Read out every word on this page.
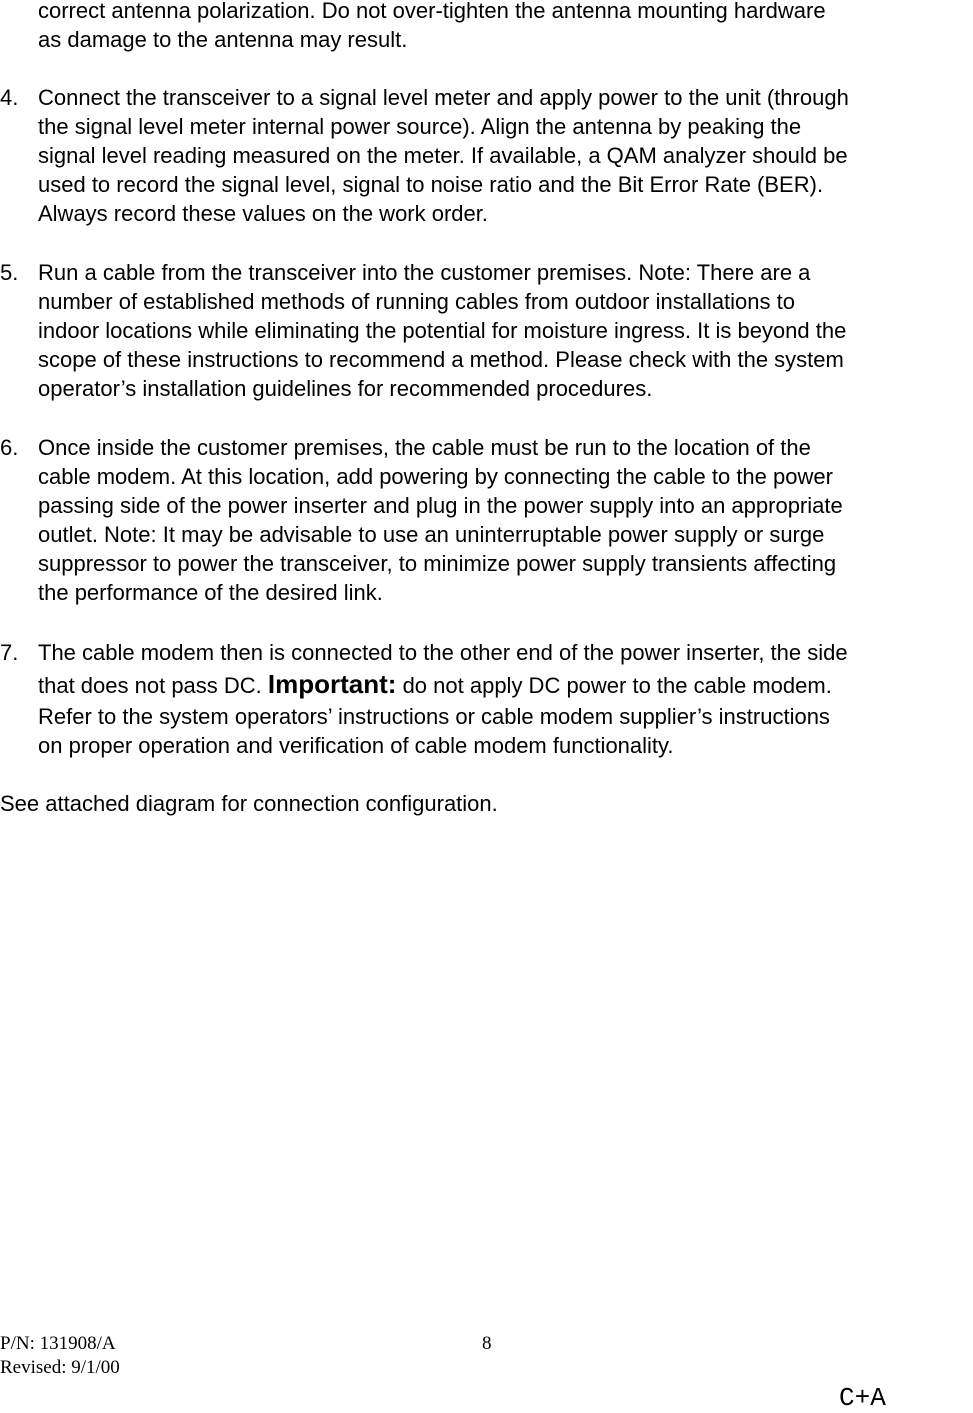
correct antenna polarization. Do not over-tighten the antenna mounting hardware
as damage to the antenna may result.
4. Connect the transceiver to a signal level meter and apply power to the unit (through
the signal level meter internal power source). Align the antenna by peaking the
signal level reading measured on the meter. If available, a QAM analyzer should be
used to record the signal level, signal to noise ratio and the Bit Error Rate (BER).
Always record these values on the work order.
5. Run a cable from the transceiver into the customer premises. Note: There are a
number of established methods of running cables from outdoor installations to
indoor locations while eliminating the potential for moisture ingress. It is beyond the
scope of these instructions to recommend a method. Please check with the system
operator’s installation guidelines for recommended procedures.
6. Once inside the customer premises, the cable must be run to the location of the
cable modem. At this location, add powering by connecting the cable to the power
passing side of the power inserter and plug in the power supply into an appropriate
outlet. Note: It may be advisable to use an uninterruptable power supply or surge
suppressor to power the transceiver, to minimize power supply transients affecting
the performance of the desired link.
7. The cable modem then is connected to the other end of the power inserter, the side
that does not pass DC. Important: do not apply DC power to the cable modem.
Refer to the system operators’ instructions or cable modem supplier’s instructions
on proper operation and verification of cable modem functionality.
See attached diagram for connection configuration.
P/N: 131908/A
Revised: 9/1/00
8
C+A
